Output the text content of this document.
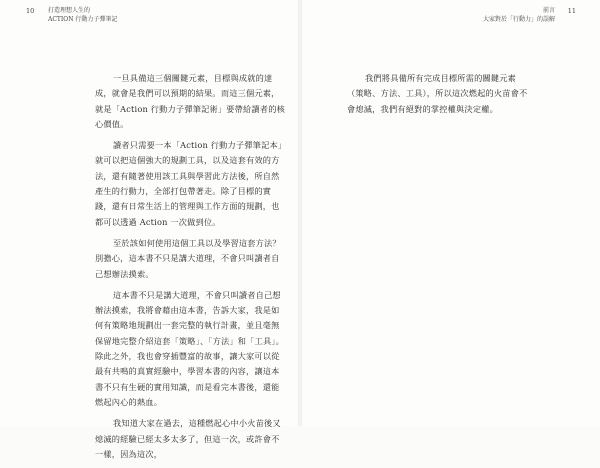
10 打造理想人生的
ACTION 行動力子彈筆記
前言
大家對於「行動力」的誤解
11

一旦具備這三個關鍵元素，目標與成就的達成，就會是我們可以預期的結果。而這三個元素，就是「Action 行動力子彈筆記術」要帶給讀者的核心價值。

讀者只需要一本「Action 行動力子彈筆記本」就可以把這個強大的規劃工具，以及這套有效的方法，還有隨著使用該工具與學習此方法後，所自然產生的行動力，全部打包帶著走。除了目標的實踐，還有日常生活上的管理與工作方面的規劃，也都可以透過 Action 一次做到位。

至於該如何使用這個工具以及學習這套方法？別擔心，這本書不只是講大道理，不會只叫讀者自己想辦法摸索。

這本書不只是講大道理，不會只叫讀者自己想辦法摸索，我將會藉由這本書，告訴大家，我是如何有策略地規劃出一套完整的執行計畫，並且毫無保留地完整介紹這套「策略」、「方法」和「工具」。除此之外，我也會穿插豐富的故事，讓大家可以從最有共鳴的真實經驗中，學習本書的內容，讓這本書不只有生硬的實用知識，而是看完本書後，還能燃起內心的熱血。

我知道大家在過去，這種燃起心中小火苗後又熄滅的經驗已經太多太多了，但這一次，或許會不一樣，因為這次，

我們將具備所有完成目標所需的關鍵元素（策略、方法、工具），所以這次燃起的火苗會不會熄滅，我們有絕對的掌控權與決定權。
